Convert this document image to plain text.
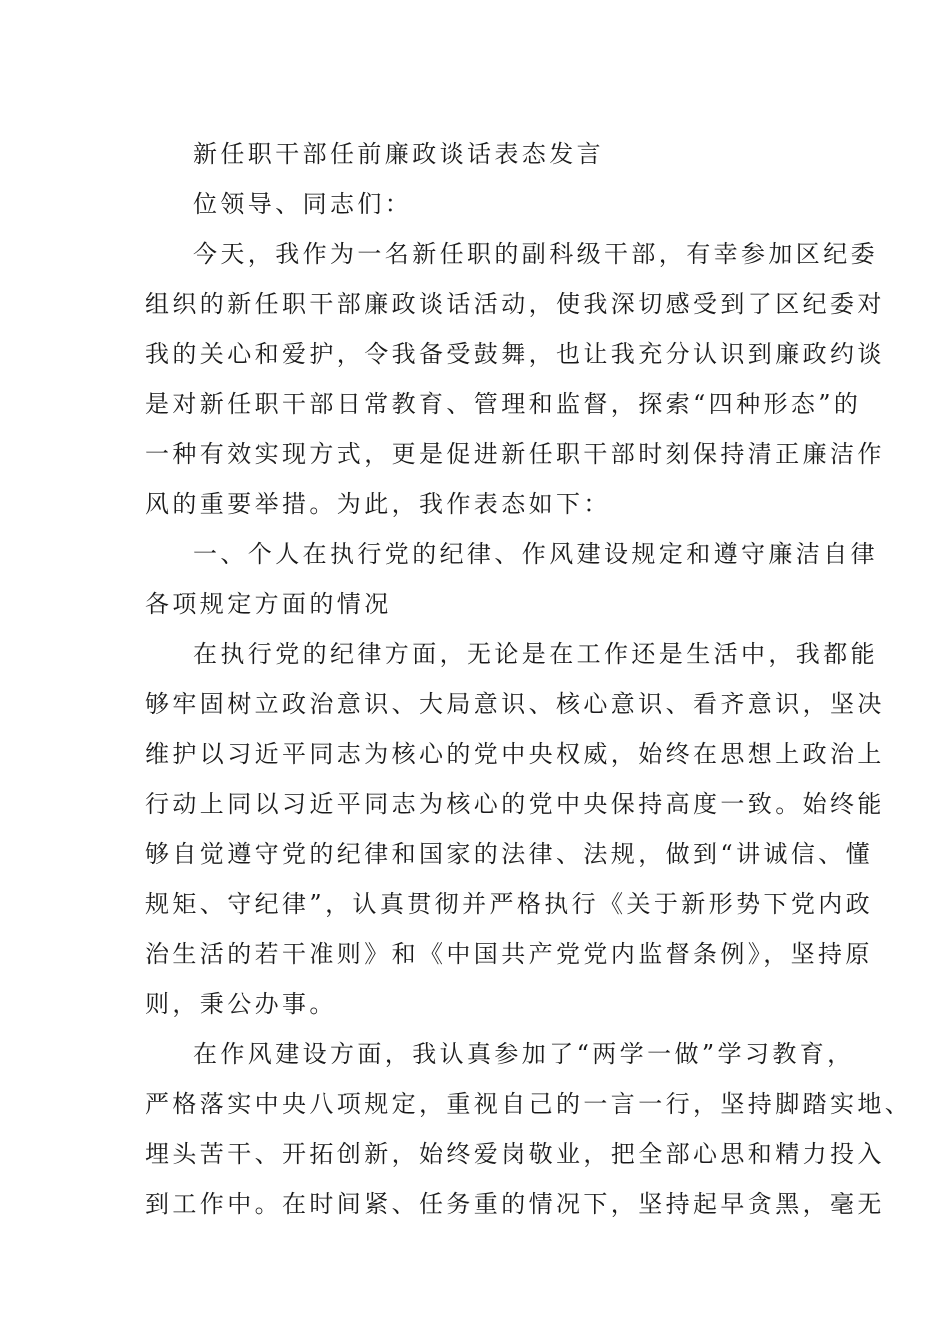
新任职干部任前廉政谈话表态发言

位领导、同志们：

今天，我作为一名新任职的副科级干部，有幸参加区纪委

组织的新任职干部廉政谈话活动，使我深切感受到了区纪委对

我的关心和爱护，令我备受鼓舞，也让我充分认识到廉政约谈

是对新任职干部日常教育、管理和监督，探索“四种形态”的

一种有效实现方式，更是促进新任职干部时刻保持清正廉洁作

风的重要举措。为此，我作表态如下：

一、个人在执行党的纪律、作风建设规定和遵守廉洁自律

各项规定方面的情况

在执行党的纪律方面，无论是在工作还是生活中，我都能

够牢固树立政治意识、大局意识、核心意识、看齐意识，坚决

维护以习近平同志为核心的党中央权威，始终在思想上政治上

行动上同以习近平同志为核心的党中央保持高度一致。始终能

够自觉遵守党的纪律和国家的法律、法规，做到“讲诚信、懂

规矩、守纪律”，认真贯彻并严格执行《关于新形势下党内政

治生活的若干准则》和《中国共产党党内监督条例》，坚持原

则，秉公办事。

在作风建设方面，我认真参加了“两学一做”学习教育，

严格落实中央八项规定，重视自己的一言一行，坚持脚踏实地、

埋头苦干、开拓创新，始终爱岗敬业，把全部心思和精力投入

到工作中。在时间紧、任务重的情况下，坚持起早贪黑，毫无
